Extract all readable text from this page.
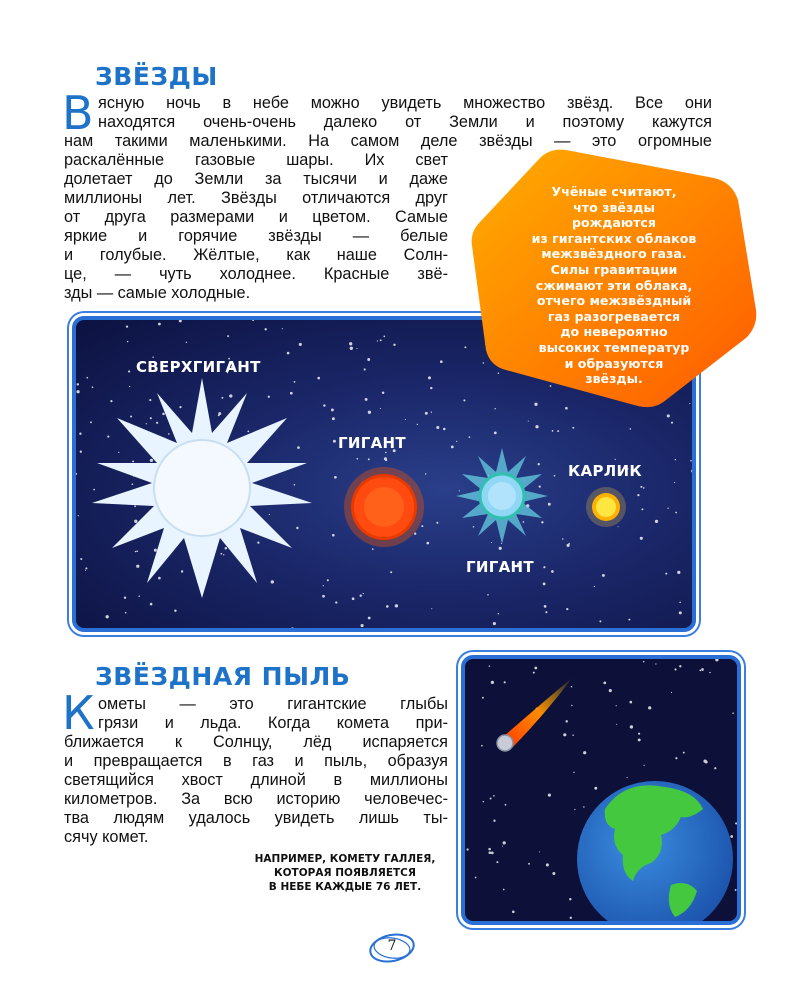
ЗВЁЗДЫ
В ясную ночь в небе можно увидеть множество звёзд. Все они
находятся очень-очень далеко от Земли и поэтому кажутся
нам такими маленькими. На самом деле звёзды — это огромные
раскалённые газовые шары. Их свет
долетает до Земли за тысячи и даже
миллионы лет. Звёзды отличаются друг
от друга размерами и цветом. Самые
яркие и горячие звёзды — белые
и голубые. Жёлтые, как наше Солн-
це, — чуть холоднее. Красные звё-
зды — самые холодные.
СВЕРХГИГАНТ
ГИГАНТ
ГИГАНТ
КАРЛИК
Учёные считают,
что звёзды
рождаются
из гигантских облаков
межзвёздного газа.
Силы гравитации
сжимают эти облака,
отчего межзвёздный
газ разогревается
до невероятно
высоких температур
и образуются
звёзды.
ЗВЁЗДНАЯ ПЫЛЬ
К ометы — это гигантские глыбы
грязи и льда. Когда комета при-
ближается к Солнцу, лёд испаряется
и превращается в газ и пыль, образуя
светящийся хвост длиной в миллионы
километров. За всю историю человечес-
тва людям удалось увидеть лишь ты-
сячу комет.
НАПРИМЕР, КОМЕТУ ГАЛЛЕЯ,
КОТОРАЯ ПОЯВЛЯЕТСЯ
В НЕБЕ КАЖДЫЕ 76 ЛЕТ.
7
